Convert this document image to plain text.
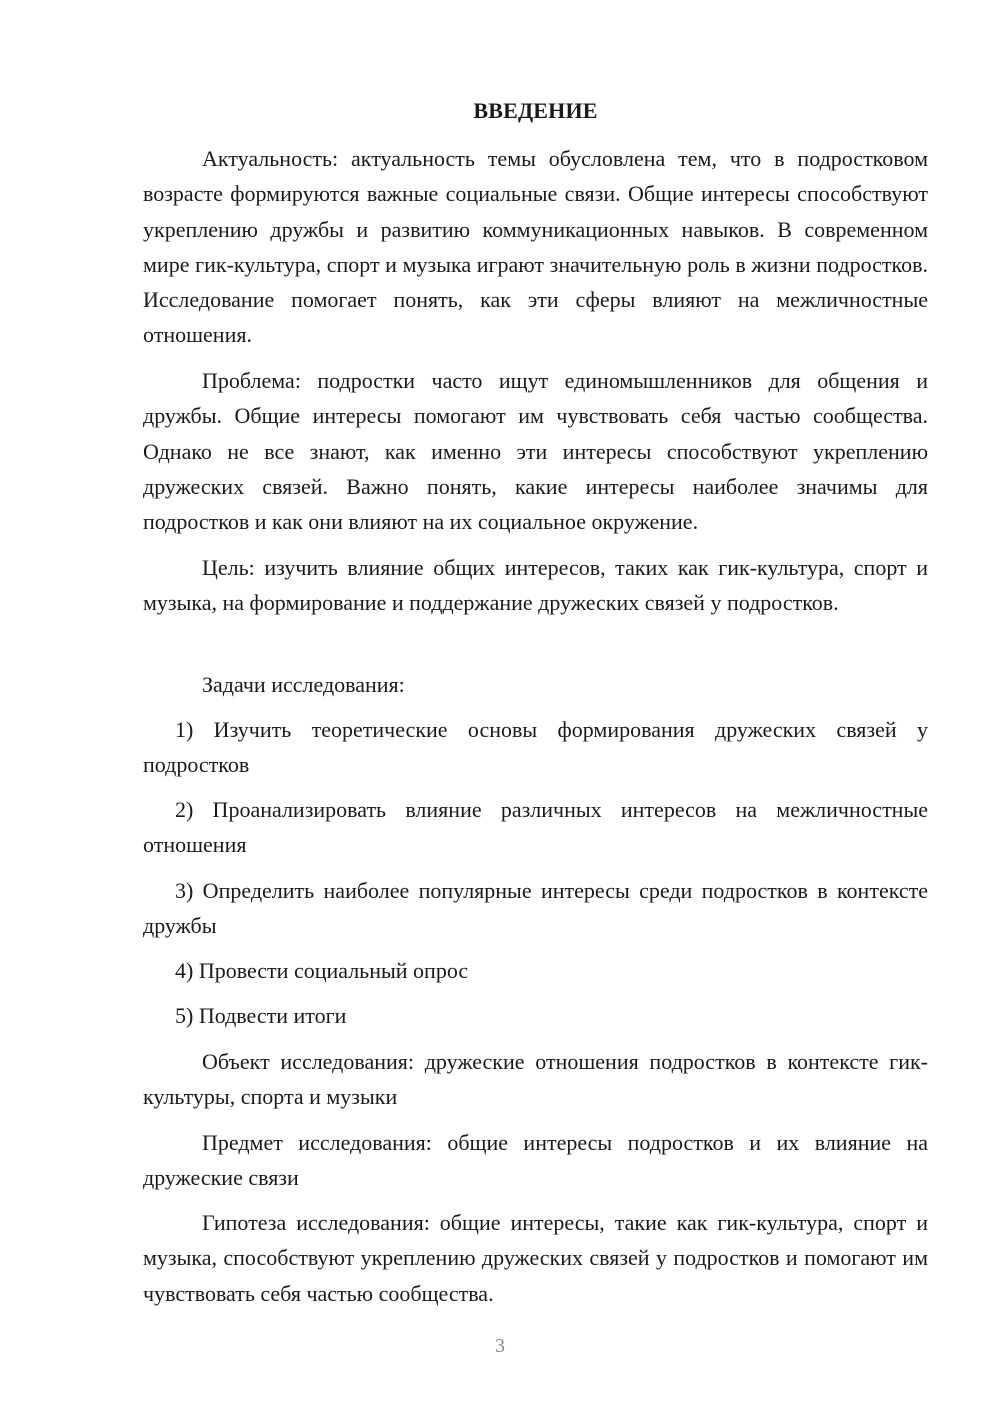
ВВЕДЕНИЕ

Актуальность: актуальность темы обусловлена тем, что в подростковом возрасте формируются важные социальные связи. Общие интересы способствуют укреплению дружбы и развитию коммуникационных навыков. В современном мире гик-культура, спорт и музыка играют значительную роль в жизни подростков. Исследование помогает понять, как эти сферы влияют на межличностные отношения.

Проблема: подростки часто ищут единомышленников для общения и дружбы. Общие интересы помогают им чувствовать себя частью сообщества. Однако не все знают, как именно эти интересы способствуют укреплению дружеских связей. Важно понять, какие интересы наиболее значимы для подростков и как они влияют на их социальное окружение.

Цель: изучить влияние общих интересов, таких как гик-культура, спорт и музыка, на формирование и поддержание дружеских связей у подростков.

Задачи исследования:

1) Изучить теоретические основы формирования дружеских связей у подростков

2) Проанализировать влияние различных интересов на межличностные отношения

3) Определить наиболее популярные интересы среди подростков в контексте дружбы

4) Провести социальный опрос

5) Подвести итоги

Объект исследования: дружеские отношения подростков в контексте гик-культуры, спорта и музыки

Предмет исследования: общие интересы подростков и их влияние на дружеские связи

Гипотеза исследования: общие интересы, такие как гик-культура, спорт и музыка, способствуют укреплению дружеских связей у подростков и помогают им чувствовать себя частью сообщества.

3
